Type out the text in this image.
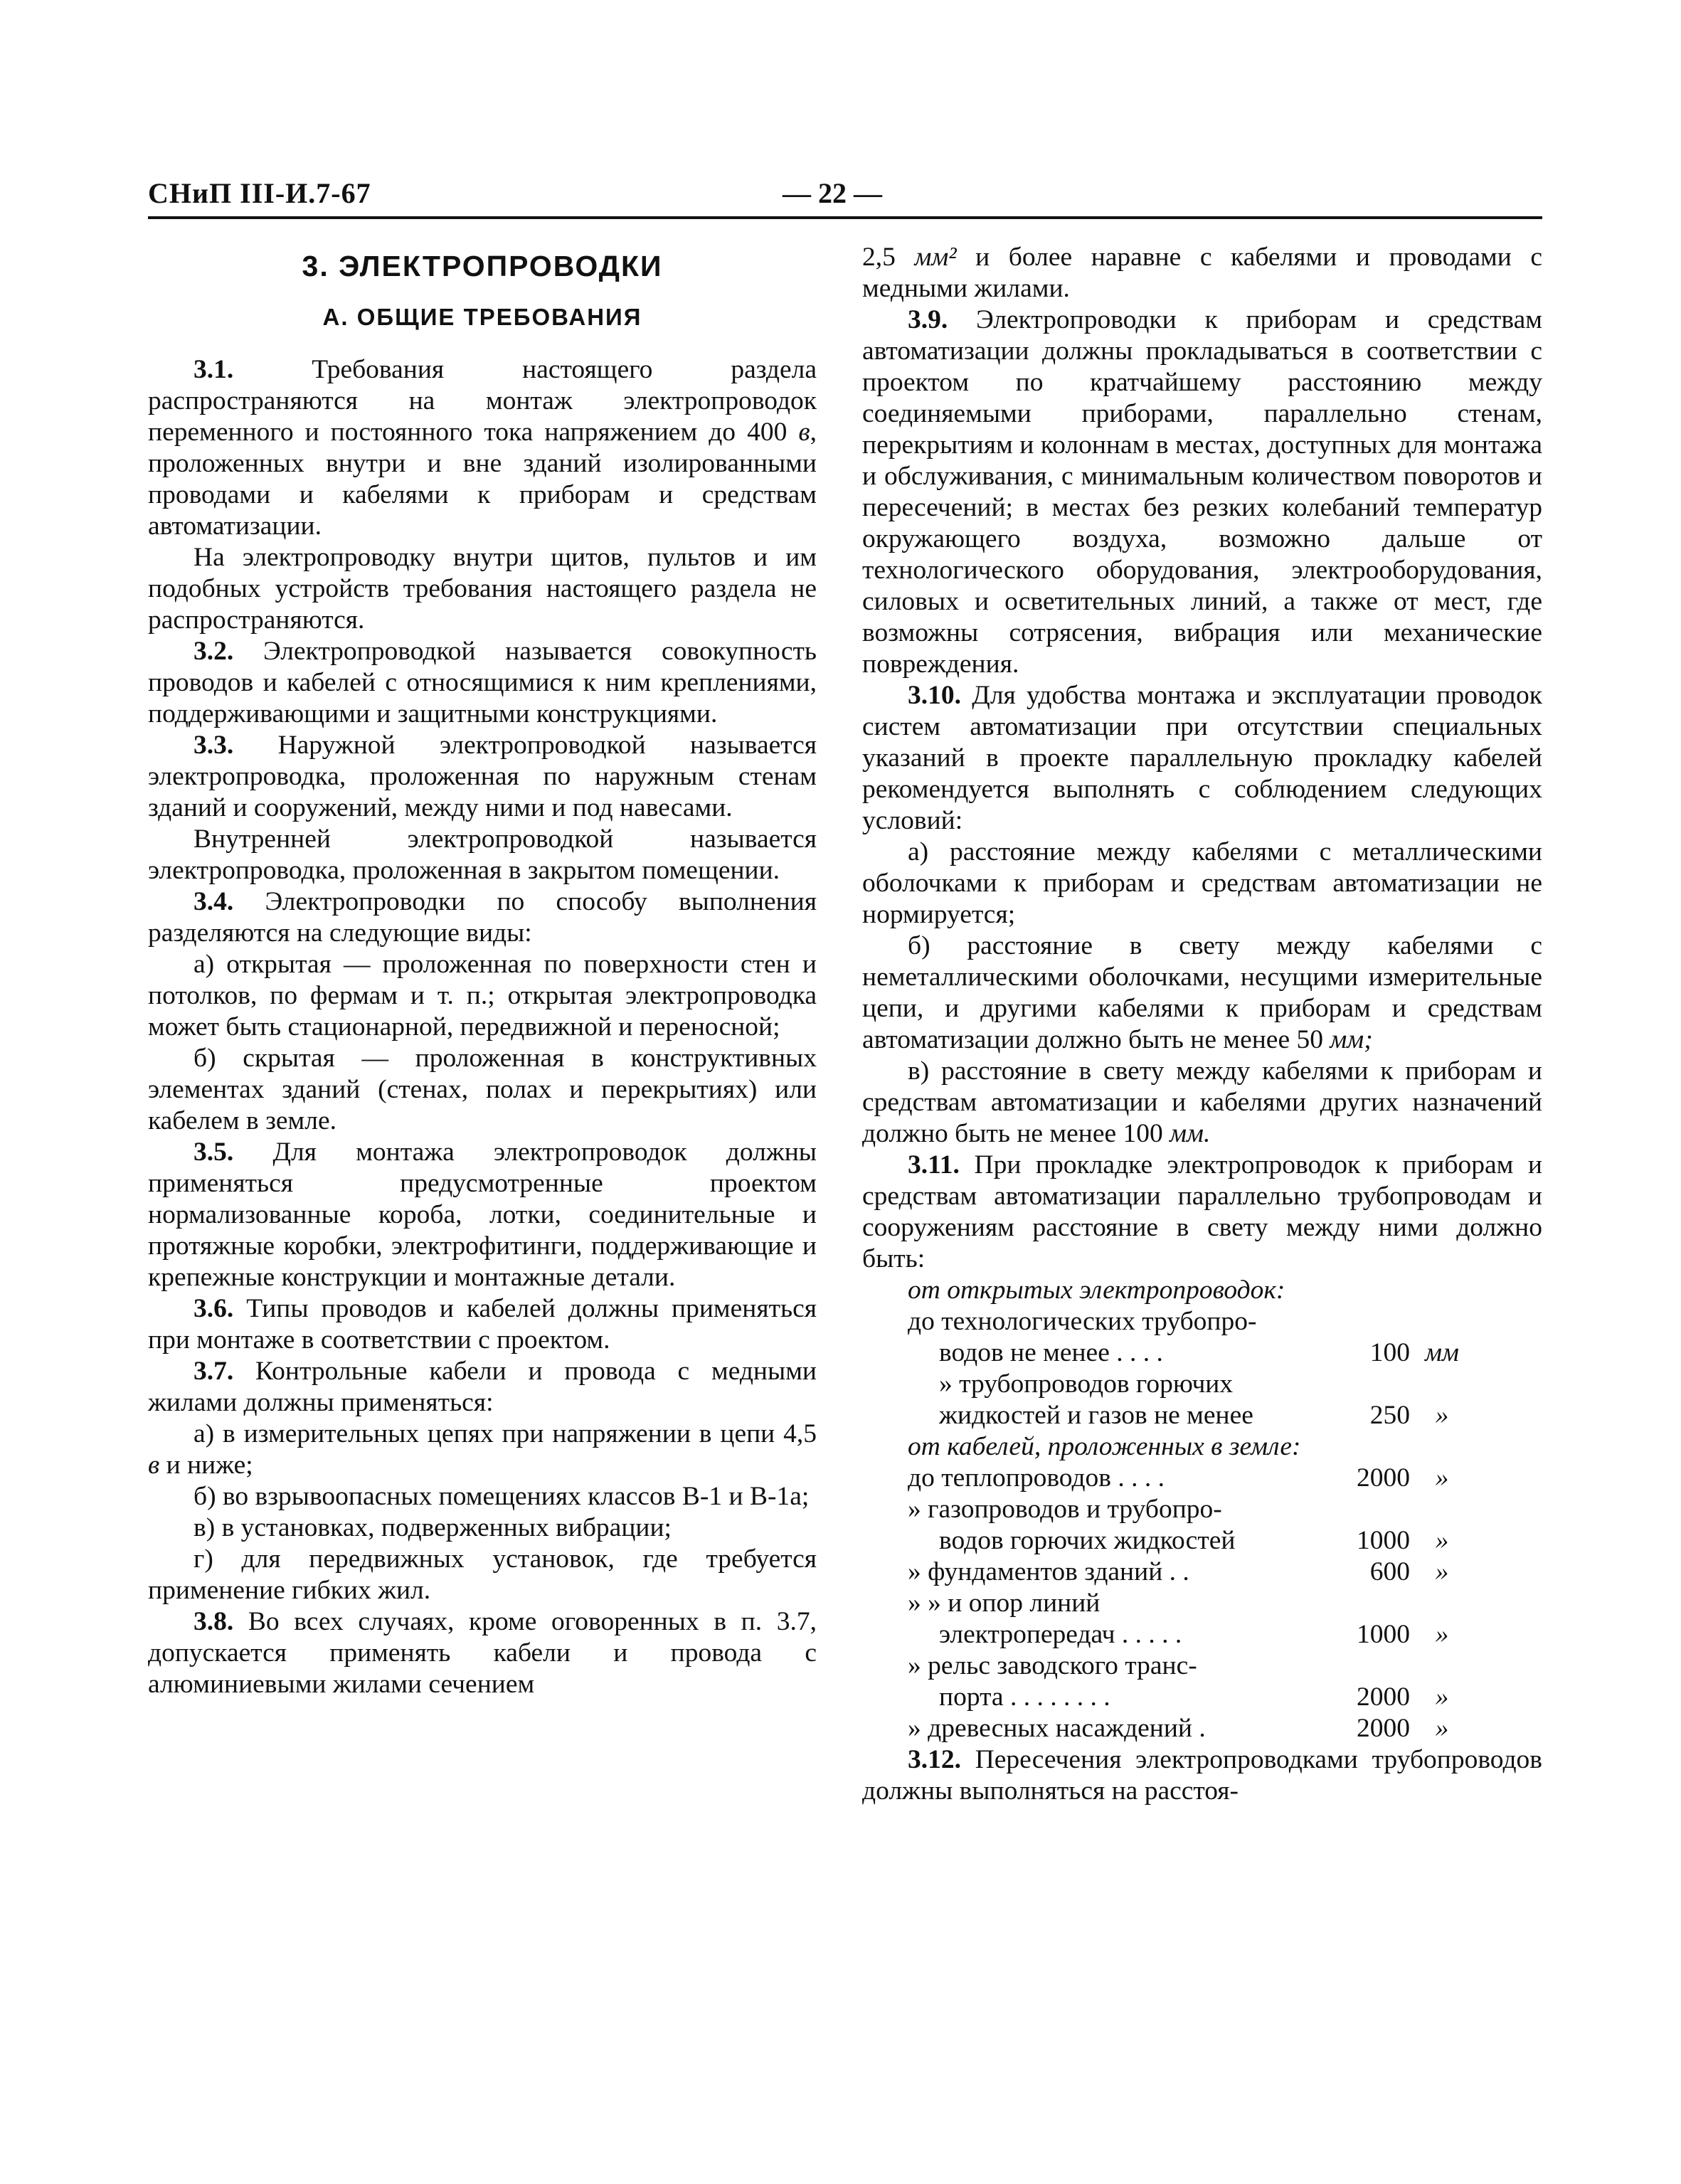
СНиП III-И.7-67	— 22 —
3. ЭЛЕКТРОПРОВОДКИ
А. ОБЩИЕ ТРЕБОВАНИЯ

3.1. Требования настоящего раздела распространяются на монтаж электропроводок переменного и постоянного тока напряжением до 400 в, проложенных внутри и вне зданий изолированными проводами и кабелями к приборам и средствам автоматизации.

На электропроводку внутри щитов, пультов и им подобных устройств требования настоящего раздела не распространяются.

3.2. Электропроводкой называется совокупность проводов и кабелей с относящимися к ним креплениями, поддерживающими и защитными конструкциями.

3.3. Наружной электропроводкой называется электропроводка, проложенная по наружным стенам зданий и сооружений, между ними и под навесами.

Внутренней электропроводкой называется электропроводка, проложенная в закрытом помещении.

3.4. Электропроводки по способу выполнения разделяются на следующие виды:

а) открытая — проложенная по поверхности стен и потолков, по фермам и т. п.; открытая электропроводка может быть стационарной, передвижной и переносной;

б) скрытая — проложенная в конструктивных элементах зданий (стенах, полах и перекрытиях) или кабелем в земле.

3.5. Для монтажа электропроводок должны применяться предусмотренные проектом нормализованные короба, лотки, соединительные и протяжные коробки, электрофитинги, поддерживающие и крепежные конструкции и монтажные детали.

3.6. Типы проводов и кабелей должны применяться при монтаже в соответствии с проектом.

3.7. Контрольные кабели и провода с медными жилами должны применяться:

а) в измерительных цепях при напряжении в цепи 4,5 в и ниже;

б) во взрывоопасных помещениях классов В-1 и В-1а;

в) в установках, подверженных вибрации;

г) для передвижных установок, где требуется применение гибких жил.

3.8. Во всех случаях, кроме оговоренных в п. 3.7, допускается применять кабели и провода с алюминиевыми жилами сечением

2,5 мм² и более наравне с кабелями и проводами с медными жилами.

3.9. Электропроводки к приборам и средствам автоматизации должны прокладываться в соответствии с проектом по кратчайшему расстоянию между соединяемыми приборами, параллельно стенам, перекрытиям и колоннам в местах, доступных для монтажа и обслуживания, с минимальным количеством поворотов и пересечений; в местах без резких колебаний температур окружающего воздуха, возможно дальше от технологического оборудования, электрооборудования, силовых и осветительных линий, а также от мест, где возможны сотрясения, вибрация или механические повреждения.

3.10. Для удобства монтажа и эксплуатации проводок систем автоматизации при отсутствии специальных указаний в проекте параллельную прокладку кабелей рекомендуется выполнять с соблюдением следующих условий:

а) расстояние между кабелями с металлическими оболочками к приборам и средствам автоматизации не нормируется;

б) расстояние в свету между кабелями с неметаллическими оболочками, несущими измерительные цепи, и другими кабелями к приборам и средствам автоматизации должно быть не менее 50 мм;

в) расстояние в свету между кабелями к приборам и средствам автоматизации и кабелями других назначений должно быть не менее 100 мм.

3.11. При прокладке электропроводок к приборам и средствам автоматизации параллельно трубопроводам и сооружениям расстояние в свету между ними должно быть:

от открытых электропроводок:
до технологических трубопро-
водов не менее . . . .	100 мм
» трубопроводов горючих
жидкостей и газов не менее	250 »
от кабелей, проложенных в земле:
до теплопроводов . . . .	2000 »
» газопроводов и трубопро-
водов горючих жидкостей	1000 »
» фундаментов зданий . .	600 »
» » и опор линий
электропередач . . . . .	1000 »
» рельс заводского транс-
порта . . . . . . . .	2000 »
» древесных насаждений .	2000 »

3.12. Пересечения электропроводками трубопроводов должны выполняться на расстоя-
